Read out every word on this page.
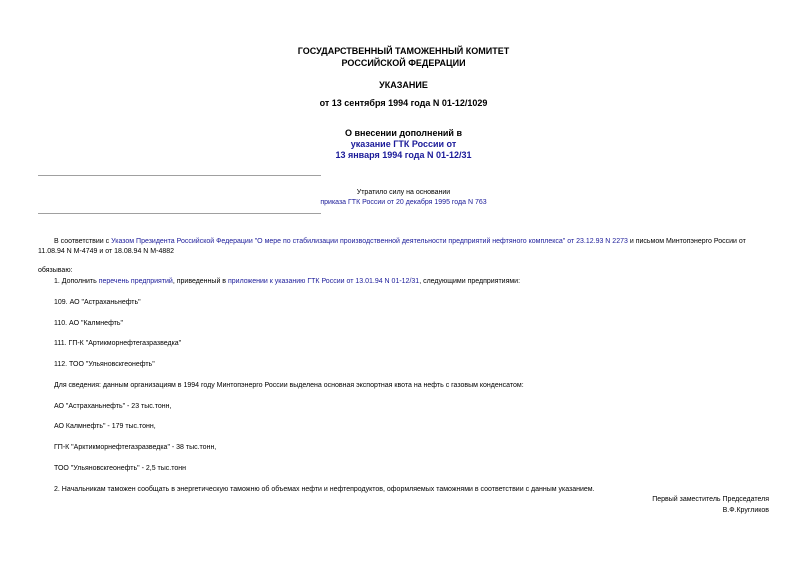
ГОСУДАРСТВЕННЫЙ ТАМОЖЕННЫЙ КОМИТЕТ
РОССИЙСКОЙ ФЕДЕРАЦИИ
УКАЗАНИЕ
от 13 сентября 1994 года N 01-12/1029
О внесении дополнений в
указание ГТК России от
13 января 1994 года N 01-12/31
Утратило силу на основании
приказа ГТК России от 20 декабря 1995 года N 763
В соответствии с Указом Президента Российской Федерации "О мере по стабилизации производственной деятельности предприятий нефтяного комплекса" от 23.12.93 N 2273 и письмом Минтопэнерго России от
11.08.94 N М-4749 и от 18.08.94 N М-4882
обязываю:
1. Дополнить перечень предприятий, приведенный в приложении к указанию ГТК России от 13.01.94 N 01-12/31, следующими предприятиями:
109. АО "Астраханьнефть"
110. АО "Калмнефть"
111. ГП-К "Артикморнефтегазразведка"
112. ТОО "Ульяновскгеонефть"
Для сведения: данным организациям в 1994 году Минтопэнерго России выделена основная экспортная квота на нефть с газовым конденсатом:
АО "Астраханьнефть" - 23 тыс.тонн,
АО Калмнефть" - 179 тыс.тонн,
ГП-К "Арктикморнефтегазразведка" - 38 тыс.тонн,
ТОО "Ульяновскгеонефть" - 2,5 тыс.тонн
2. Начальникам таможен сообщать в энергетическую таможню об объемах нефти и нефтепродуктов, оформляемых таможнями в соответствии с данным указанием.
Первый заместитель Председателя
В.Ф.Кругликов
